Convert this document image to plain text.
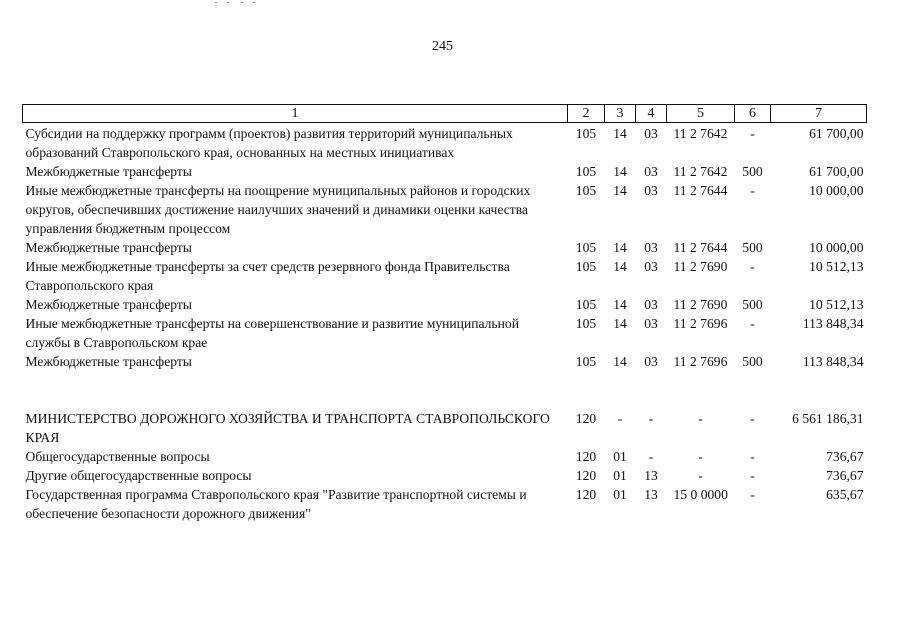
245
1	2	3	4	5	6	7

Субсидии на поддержку программ (проектов) развития территорий муниципальных образований Ставропольского края, основанных на местных инициативах	105	14	03	11 2 7642	-	61 700,00
Межбюджетные трансферты	105	14	03	11 2 7642	500	61 700,00
Иные межбюджетные трансферты на поощрение муниципальных районов и городских округов, обеспечивших достижение наилучших значений и динамики оценки качества управления бюджетным процессом	105	14	03	11 2 7644	-	10 000,00
Межбюджетные трансферты	105	14	03	11 2 7644	500	10 000,00
Иные межбюджетные трансферты за счет средств резервного фонда Правительства Ставропольского края	105	14	03	11 2 7690	-	10 512,13
Межбюджетные трансферты	105	14	03	11 2 7690	500	10 512,13
Иные межбюджетные трансферты на совершенствование и развитие муниципальной службы в Ставропольском крае	105	14	03	11 2 7696	-	113 848,34
Межбюджетные трансферты	105	14	03	11 2 7696	500	113 848,34

МИНИСТЕРСТВО ДОРОЖНОГО ХОЗЯЙСТВА И ТРАНСПОРТА СТАВРОПОЛЬСКОГО КРАЯ	120	-	-	-	-	6 561 186,31
Общегосударственные вопросы	120	01	-	-	-	736,67
Другие общегосударственные вопросы	120	01	13	-	-	736,67
Государственная программа Ставропольского края "Развитие транспортной системы и обеспечение безопасности дорожного движения"	120	01	13	15 0 0000	-	635,67
